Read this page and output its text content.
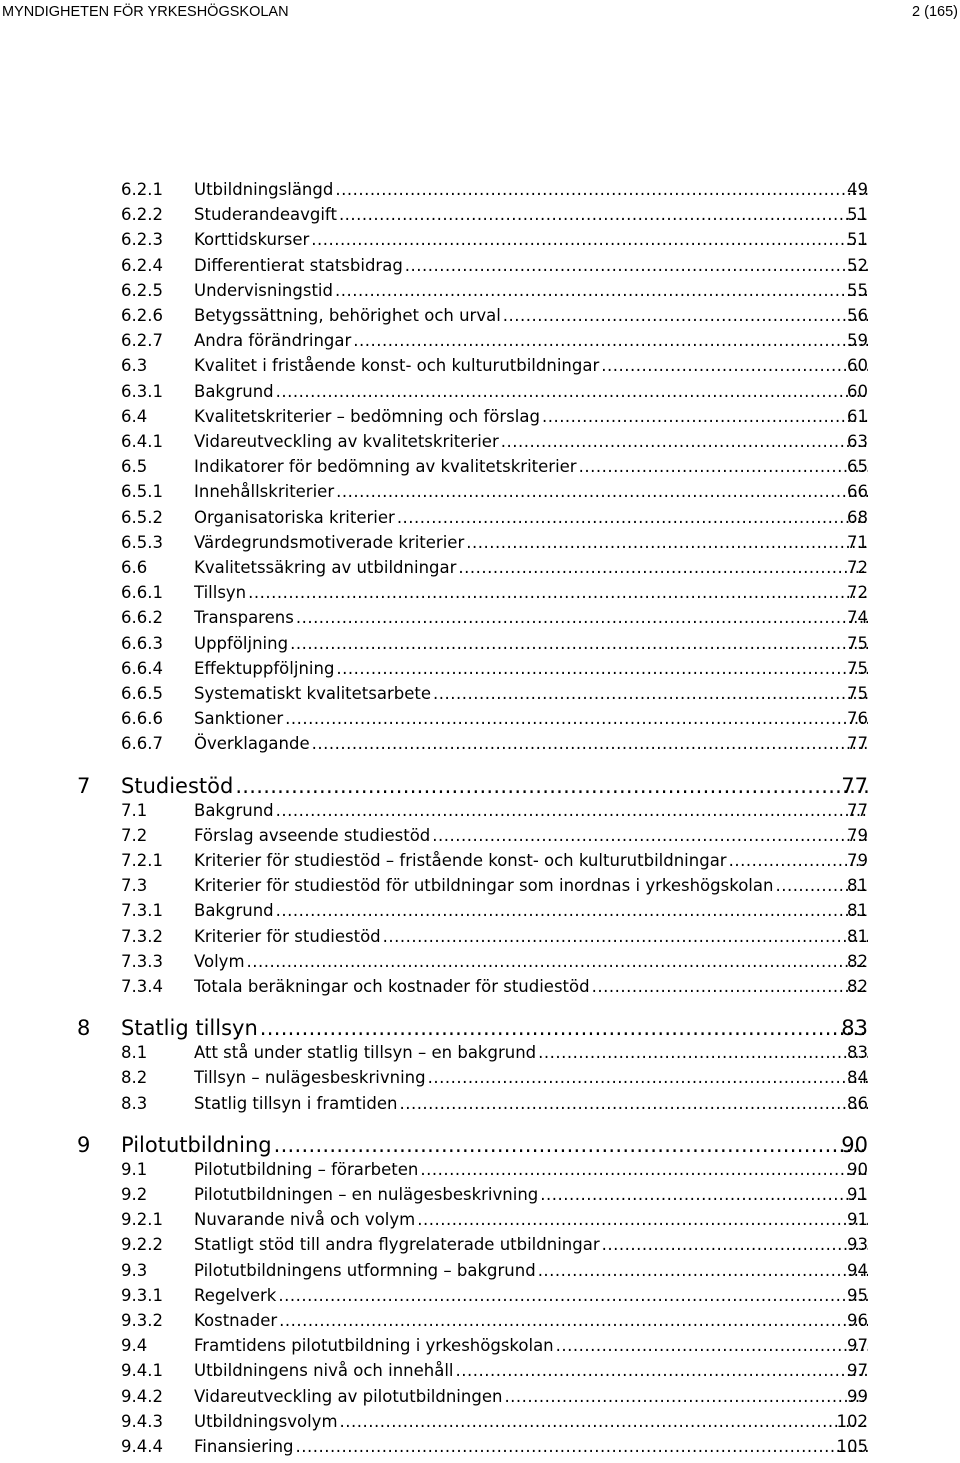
MYNDIGHETEN FÖR YRKESHÖGSKOLAN	2 (165)
6.2.1 Utbildningslängd .....	49
6.2.2 Studerandeavgift .....	51
6.2.3 Korttidskurser .....	51
6.2.4 Differentierat statsbidrag .....	52
6.2.5 Undervisningstid .....	55
6.2.6 Betygssättning, behörighet och urval .....	56
6.2.7 Andra förändringar .....	59
6.3	Kvalitet i fristående konst- och kulturutbildningar .....	60
6.3.1 Bakgrund .....	60
6.4	Kvalitetskriterier – bedömning och förslag .....	61
6.4.1 Vidareutveckling av kvalitetskriterier .....	63
6.5	Indikatorer för bedömning av kvalitetskriterier .....	65
6.5.1 Innehållskriterier .....	66
6.5.2 Organisatoriska kriterier .....	68
6.5.3 Värdegrundsmotiverade kriterier .....	71
6.6	Kvalitetssäkring av utbildningar .....	72
6.6.1 Tillsyn .....	72
6.6.2 Transparens .....	74
6.6.3 Uppföljning .....	75
6.6.4 Effektuppföljning .....	75
6.6.5 Systematiskt kvalitetsarbete .....	75
6.6.6 Sanktioner .....	76
6.6.7 Överklagande .....	77
7 Studiestöd .....	77
7.1	Bakgrund .....	77
7.2	Förslag avseende studiestöd .....	79
7.2.1 Kriterier för studiestöd – fristående konst- och kulturutbildningar .....	79
7.3	Kriterier för studiestöd för utbildningar som inordnas i yrkeshögskolan .....	81
7.3.1 Bakgrund .....	81
7.3.2 Kriterier för studiestöd .....	81
7.3.3 Volym .....	82
7.3.4 Totala beräkningar och kostnader för studiestöd .....	82
8 Statlig tillsyn .....	83
8.1	Att stå under statlig tillsyn – en bakgrund .....	83
8.2	Tillsyn – nulägesbeskrivning .....	84
8.3	Statlig tillsyn i framtiden .....	86
9 Pilotutbildning .....	90
9.1	Pilotutbildning – förarbeten .....	90
9.2	Pilotutbildningen – en nulägesbeskrivning .....	91
9.2.1 Nuvarande nivå och volym .....	91
9.2.2 Statligt stöd till andra flygrelaterade utbildningar .....	93
9.3	Pilotutbildningens utformning – bakgrund .....	94
9.3.1 Regelverk .....	95
9.3.2 Kostnader .....	96
9.4	Framtidens pilotutbildning i yrkeshögskolan .....	97
9.4.1 Utbildningens nivå och innehåll .....	97
9.4.2 Vidareutveckling av pilotutbildningen .....	99
9.4.3 Utbildningsvolym .....	102
9.4.4 Finansiering .....	105
